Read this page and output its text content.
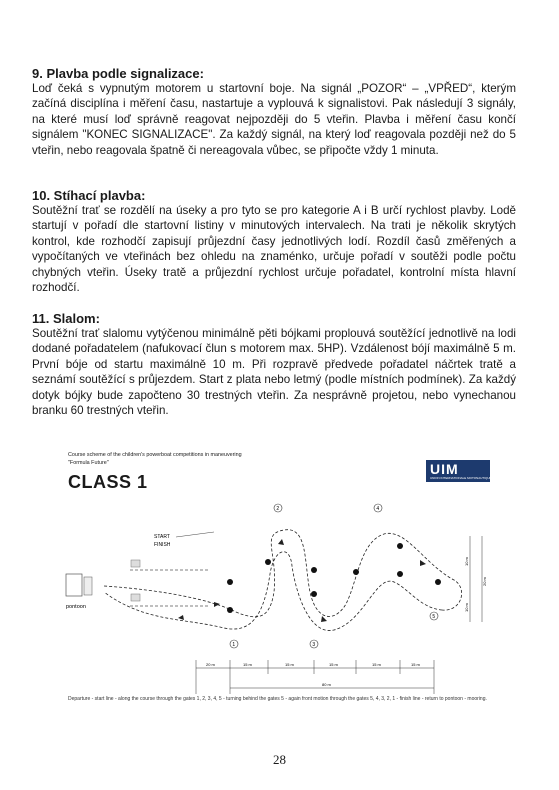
9. Plavba podle signalizace:

Loď čeká s vypnutým motorem u startovní boje. Na signál „POZOR“ – „VPŘED“, kterým začíná disciplína i měření času, nastartuje a vyplouvá k signalistovi. Pak následují 3 signály, na které musí loď správně reagovat nejpozději do 5 vteřin. Plavba i měření času končí signálem "KONEC SIGNALIZACE". Za každý signál, na který loď reagovala později než do 5 vteřin, nebo reagovala špatně či nereagovala vůbec, se připočte vždy 1 minuta.

10. Stíhací plavba:

Soutěžní trať se rozdělí na úseky a pro tyto se pro kategorie A i B určí rychlost plavby. Lodě startují v pořadí dle startovní listiny v minutových intervalech. Na trati je několik skrytých kontrol, kde rozhodčí zapisují průjezdní časy jednotlivých lodí. Rozdíl časů změřených a vypočítaných ve vteřinách bez ohledu na znaménko, určuje pořadí v soutěži podle počtu chybných vteřin. Úseky tratě a průjezdní rychlost určuje pořadatel, kontrolní místa hlavní rozhodčí.

11. Slalom:

Soutěžní trať slalomu vytýčenou minimálně pěti bójkami proplouvá soutěžící jednotlivě na lodi dodané pořadatelem (nafukovací člun s motorem max. 5HP). Vzdálenost bójí maximálně 5 m. První bóje od startu maximálně 10 m. Při rozpravě předvede pořadatel náčrtek tratě a seznámí soutěžící s průjezdem. Start z plata nebo letmý (podle místních podmínek). Za každý dotyk bójky bude započteno 30 trestných vteřin. Za nesprávně projetou, nebo vynechanou branku 60 trestných vteřin.

Course scheme of the children's powerboat competitions in maneuvering
"Formula Future"
CLASS 1
UIM
UNION INTERNATIONALE MOTONAUTIQUE
START
FINISH
pontoon
1
2
3
4
5
10 m
10 m
20 m
20 m	15 m	15 m	15 m	15 m	15 m
80 m
Departure - start line - along the course through the gates 1, 2, 3, 4, 5 - turning behind the gates 5 - again front motion through the gates 5, 4, 3, 2, 1 - finish line - return to pontoon - mooring.
28
